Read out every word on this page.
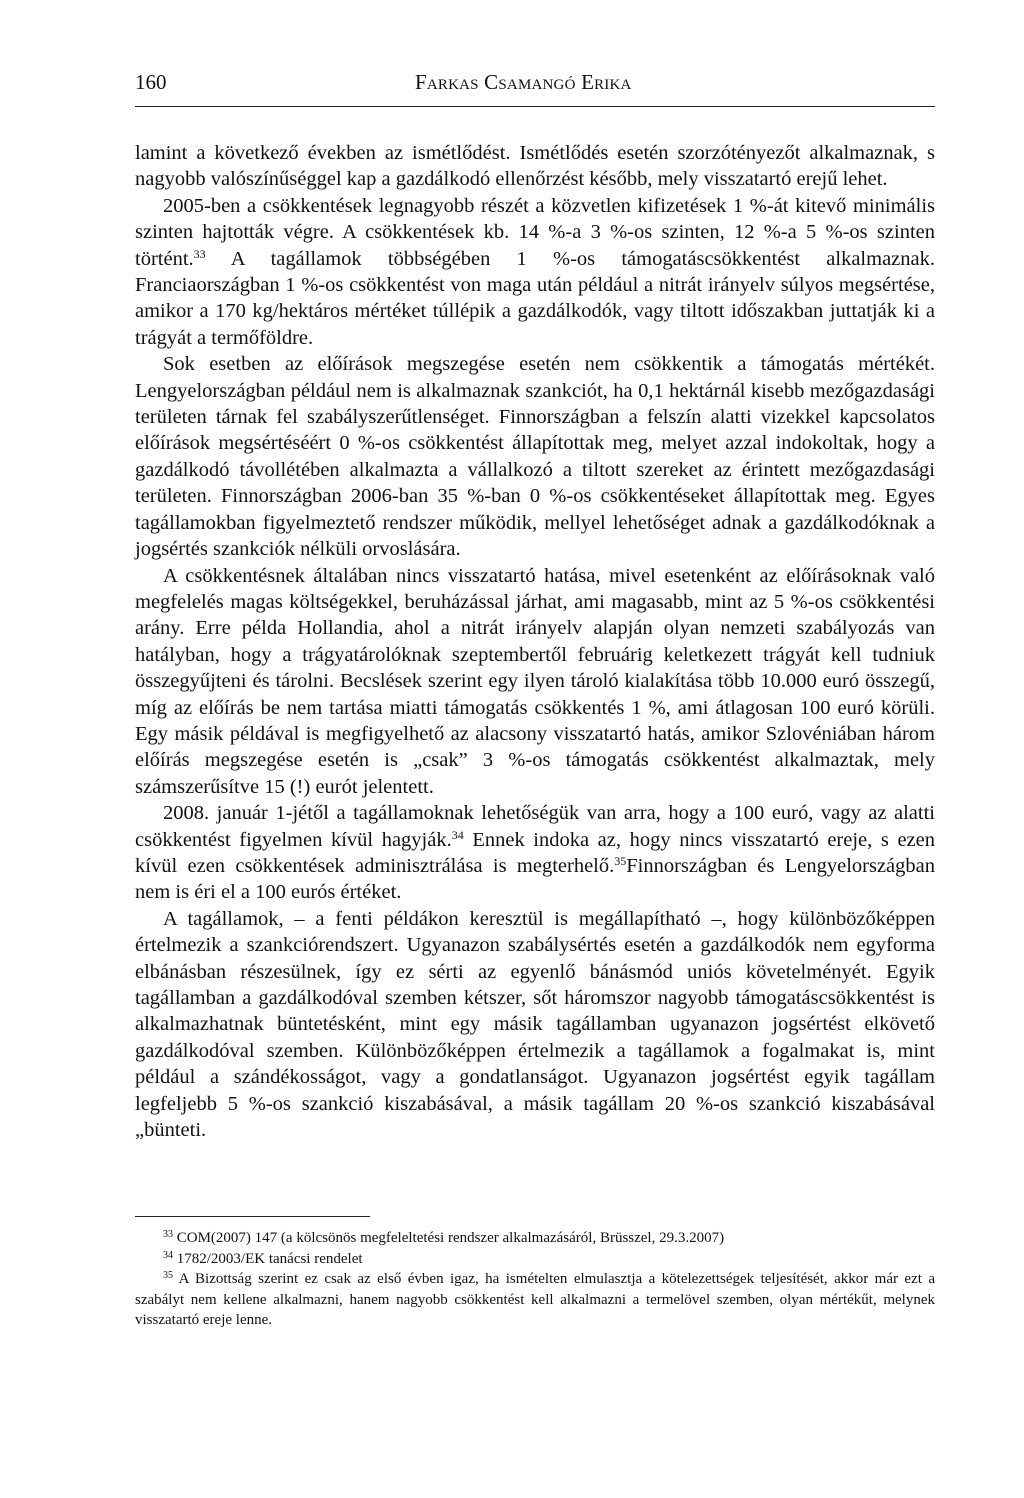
160	Farkas Csamangó Erika

lamint a következő években az ismétlődést. Ismétlődés esetén szorzótényezőt alkalmaznak, s nagyobb valószínűséggel kap a gazdálkodó ellenőrzést később, mely visszatartó erejű lehet.

2005-ben a csökkentések legnagyobb részét a közvetlen kifizetések 1 %-át kitevő minimális szinten hajtották végre. A csökkentések kb. 14 %-a 3 %-os szinten, 12 %-a 5 %-os szinten történt.$^{33}$ A tagállamok többségében 1 %-os támogatáscsökkentést alkalmaznak. Franciaországban 1 %-os csökkentést von maga után például a nitrát irányelv súlyos megsértése, amikor a 170 kg/hektáros mértéket túllépik a gazdálkodók, vagy tiltott időszakban juttatják ki a trágyát a termőföldre.

Sok esetben az előírások megszegése esetén nem csökkentik a támogatás mértékét. Lengyelországban például nem is alkalmaznak szankciót, ha 0,1 hektárnál kisebb mezőgazdasági területen tárnak fel szabályszerűtlenséget. Finnországban a felszín alatti vizekkel kapcsolatos előírások megsértéséért 0 %-os csökkentést állapítottak meg, melyet azzal indokoltak, hogy a gazdálkodó távollétében alkalmazta a vállalkozó a tiltott szereket az érintett mezőgazdasági területen. Finnországban 2006-ban 35 %-ban 0 %-os csökkentéseket állapítottak meg. Egyes tagállamokban figyelmeztető rendszer működik, mellyel lehetőséget adnak a gazdálkodóknak a jogsértés szankciók nélküli orvoslására.

A csökkentésnek általában nincs visszatartó hatása, mivel esetenként az előírásoknak való megfelelés magas költségekkel, beruházással járhat, ami magasabb, mint az 5 %-os csökkentési arány. Erre példa Hollandia, ahol a nitrát irányelv alapján olyan nemzeti szabályozás van hatályban, hogy a trágyatárolóknak szeptembertől februárig keletkezett trágyát kell tudniuk összegyűjteni és tárolni. Becslések szerint egy ilyen tároló kialakítása több 10.000 euró összegű, míg az előírás be nem tartása miatti támogatás csökkentés 1 %, ami átlagosan 100 euró körüli. Egy másik példával is megfigyelhető az alacsony visszatartó hatás, amikor Szlovéniában három előírás megszegése esetén is „csak” 3 %-os támogatás csökkentést alkalmaztak, mely számszerűsítve 15 (!) eurót jelentett.

2008. január 1-jétől a tagállamoknak lehetőségük van arra, hogy a 100 euró, vagy az alatti csökkentést figyelmen kívül hagyják.$^{34}$ Ennek indoka az, hogy nincs visszatartó ereje, s ezen kívül ezen csökkentések adminisztrálása is megterhelő.$^{35}$Finnországban és Lengyelországban nem is éri el a 100 eurós értéket.

A tagállamok, – a fenti példákon keresztül is megállapítható –, hogy különbözőképpen értelmezik a szankciórendszert. Ugyanazon szabálysértés esetén a gazdálkodók nem egyforma elbánásban részesülnek, így ez sérti az egyenlő bánásmód uniós követelményét. Egyik tagállamban a gazdálkodóval szemben kétszer, sőt háromszor nagyobb támogatáscsökkentést is alkalmazhatnak büntetésként, mint egy másik tagállamban ugyanazon jogsértést elkövető gazdálkodóval szemben. Különbözőképpen értelmezik a tagállamok a fogalmakat is, mint például a szándékosságot, vagy a gondatlanságot. Ugyanazon jogsértést egyik tagállam legfeljebb 5 %-os szankció kiszabásával, a másik tagállam 20 %-os szankció kiszabásával „bünteti.

$^{33}$ COM(2007) 147 (a kölcsönös megfeleltetési rendszer alkalmazásáról, Brüsszel, 29.3.2007)

$^{34}$ 1782/2003/EK tanácsi rendelet

$^{35}$ A Bizottság szerint ez csak az első évben igaz, ha ismételten elmulasztja a kötelezettségek teljesítését, akkor már ezt a szabályt nem kellene alkalmazni, hanem nagyobb csökkentést kell alkalmazni a termelövel szemben, olyan mértékűt, melynek visszatartó ereje lenne.
